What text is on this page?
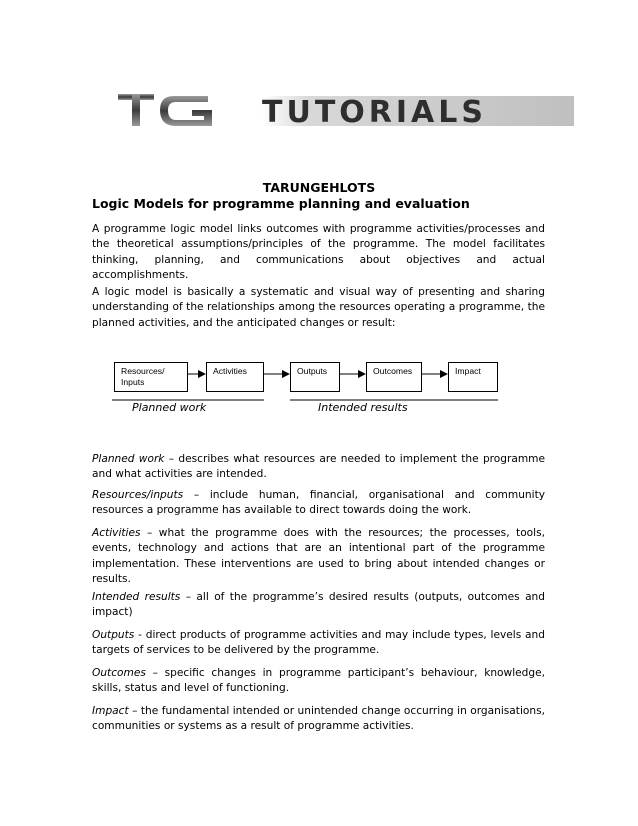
TUTORIALS
TARUNGEHLOTS
Logic Models for programme planning and evaluation
A programme logic model links outcomes with programme activities/processes and the theoretical assumptions/principles of the programme. The model facilitates thinking, planning, and communications about objectives and actual accomplishments.
A logic model is basically a systematic and visual way of presenting and sharing understanding of the relationships among the resources operating a programme, the planned activities, and the anticipated changes or result:
Resources/ Inputs
Activities	Outputs	Outcomes	Impact
Planned work	Intended results
Planned work – describes what resources are needed to implement the programme and what activities are intended.
Resources/inputs – include human, financial, organisational and community resources a programme has available to direct towards doing the work.
Activities – what the programme does with the resources; the processes, tools, events, technology and actions that are an intentional part of the programme implementation. These interventions are used to bring about intended changes or results.
Intended results – all of the programme’s desired results (outputs, outcomes and impact)
Outputs - direct products of programme activities and may include types, levels and targets of services to be delivered by the programme.
Outcomes – specific changes in programme participant’s behaviour, knowledge, skills, status and level of functioning.
Impact – the fundamental intended or unintended change occurring in organisations, communities or systems as a result of programme activities.
